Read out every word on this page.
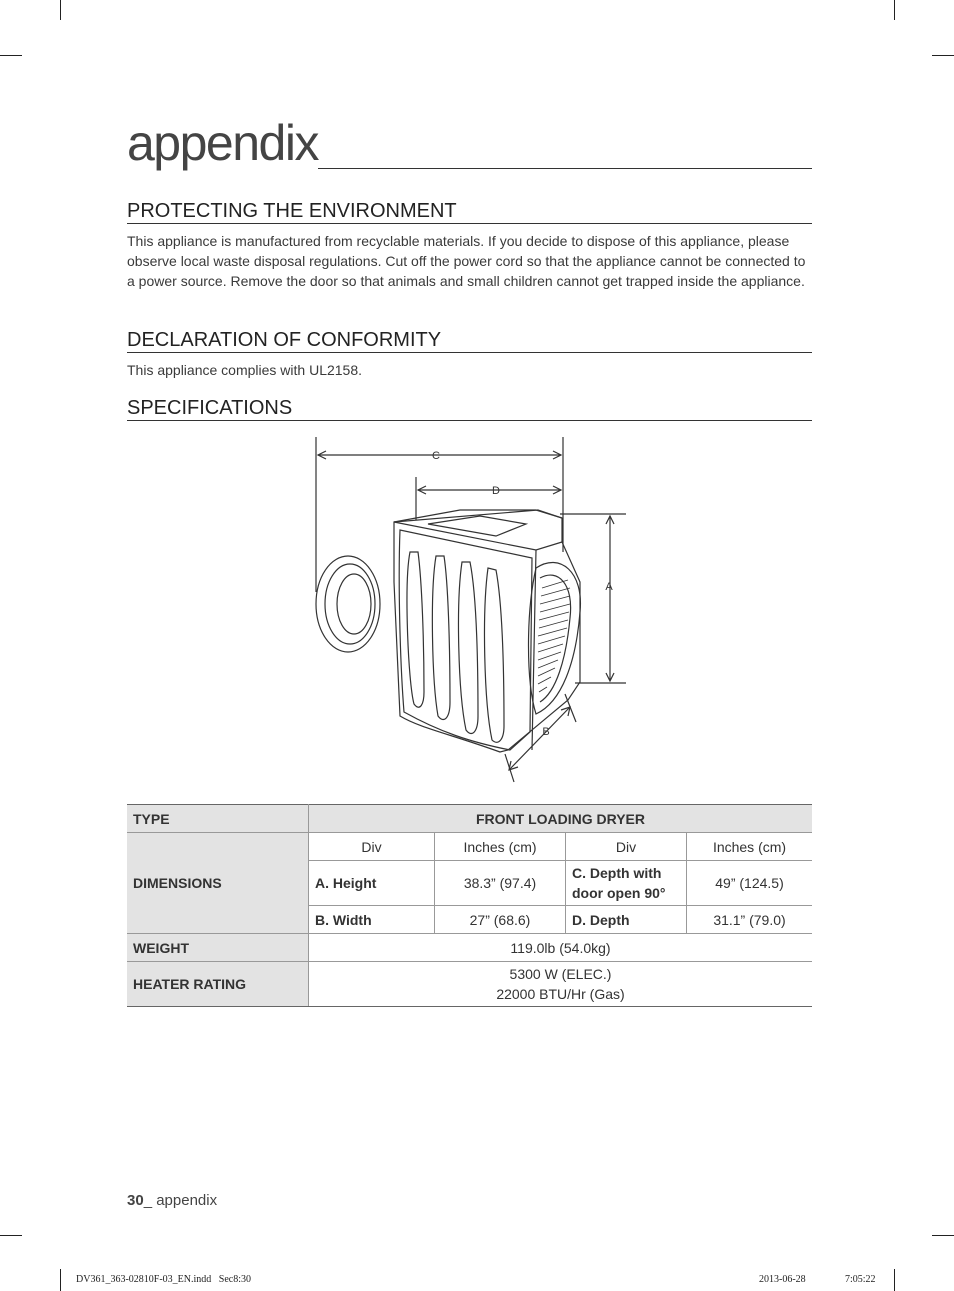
appendix
PROTECTING THE ENVIRONMENT
This appliance is manufactured from recyclable materials. If you decide to dispose of this appliance, please observe local waste disposal regulations. Cut off the power cord so that the appliance cannot be connected to a power source. Remove the door so that animals and small children cannot get trapped inside the appliance.
DECLARATION OF CONFORMITY
This appliance complies with UL2158.
SPECIFICATIONS
C
D
A
B
TYPE	FRONT LOADING DRYER			
DIMENSIONS	Div	Inches (cm)	Div	Inches (cm)
	A. Height	38.3” (97.4)	C. Depth with door open 90°	49” (124.5)
	B. Width	27” (68.6)	D. Depth	31.1” (79.0)
WEIGHT	119.0lb (54.0kg)			
HEATER RATING	5300 W (ELEC.)
22000 BTU/Hr (Gas)			
30_ appendix
DV361_363-02810F-03_EN.indd   Sec8:30	2013-06-28	7:05:22
